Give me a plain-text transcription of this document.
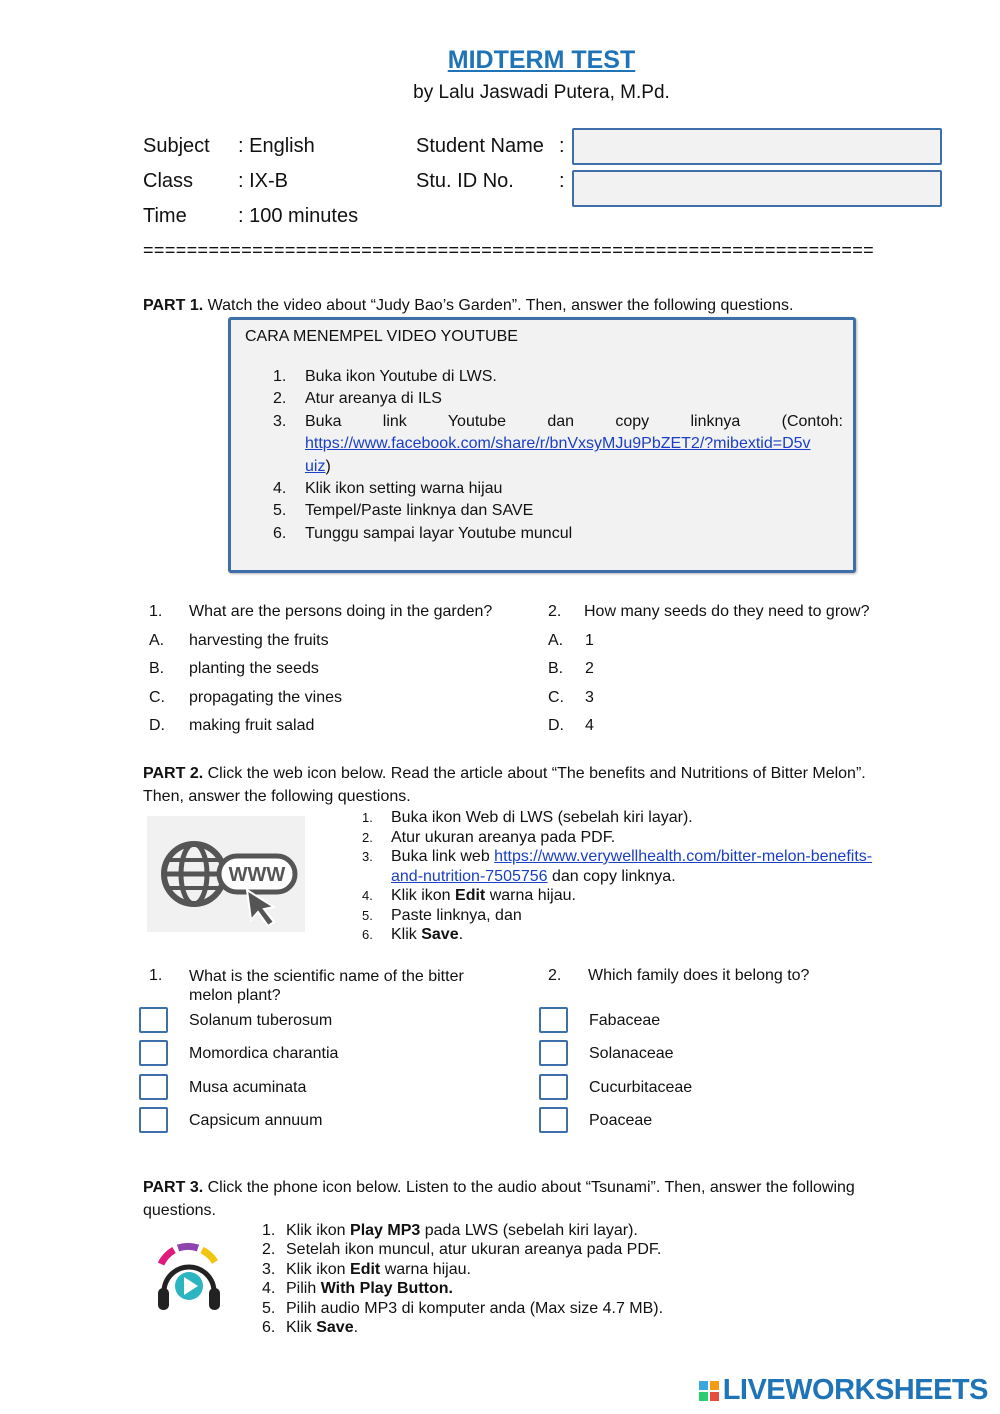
MIDTERM TEST
by Lalu Jaswadi Putera, M.Pd.
Subject : English
Class : IX-B
Time	: 100 minutes
Student Name :
Stu. ID No. :
===================================================================
PART 1. Watch the video about “Judy Bao’s Garden”. Then, answer the following questions.
CARA MENEMPEL VIDEO YOUTUBE
1. Buka ikon Youtube di LWS.
2. Atur areanya di ILS
3. Buka link Youtube dan copy linknya (Contoh:
https://www.facebook.com/share/r/bnVxsyMJu9PbZET2/?mibextid=D5v
uiz)
4. Klik ikon setting warna hijau
5. Tempel/Paste linknya dan SAVE
6. Tunggu sampai layar Youtube muncul
1. What are the persons doing in the garden?
A. harvesting the fruits
B. planting the seeds
C. propagating the vines
D. making fruit salad
2. How many seeds do they need to grow?
A. 1
B. 2
C. 3
D. 4
PART 2. Click the web icon below. Read the article about “The benefits and Nutritions of Bitter Melon”.
Then, answer the following questions.
WWW
1. Buka ikon Web di LWS (sebelah kiri layar).
2. Atur ukuran areanya pada PDF.
3. Buka link web https://www.verywellhealth.com/bitter-melon-benefits-
and-nutrition-7505756 dan copy linknya.
4. Klik ikon Edit warna hijau.
5. Paste linknya, dan
6. Klik Save.
1. What is the scientific name of the bitter
melon plant?
Solanum tuberosum
Momordica charantia
Musa acuminata
Capsicum annuum
2. Which family does it belong to?
Fabaceae
Solanaceae
Cucurbitaceae
Poaceae
PART 3. Click the phone icon below. Listen to the audio about “Tsunami”. Then, answer the following
questions.
1. Klik ikon Play MP3 pada LWS (sebelah kiri layar).
2. Setelah ikon muncul, atur ukuran areanya pada PDF.
3. Klik ikon Edit warna hijau.
4. Pilih With Play Button.
5. Pilih audio MP3 di komputer anda (Max size 4.7 MB).
6. Klik Save.
LIVEWORKSHEETS
